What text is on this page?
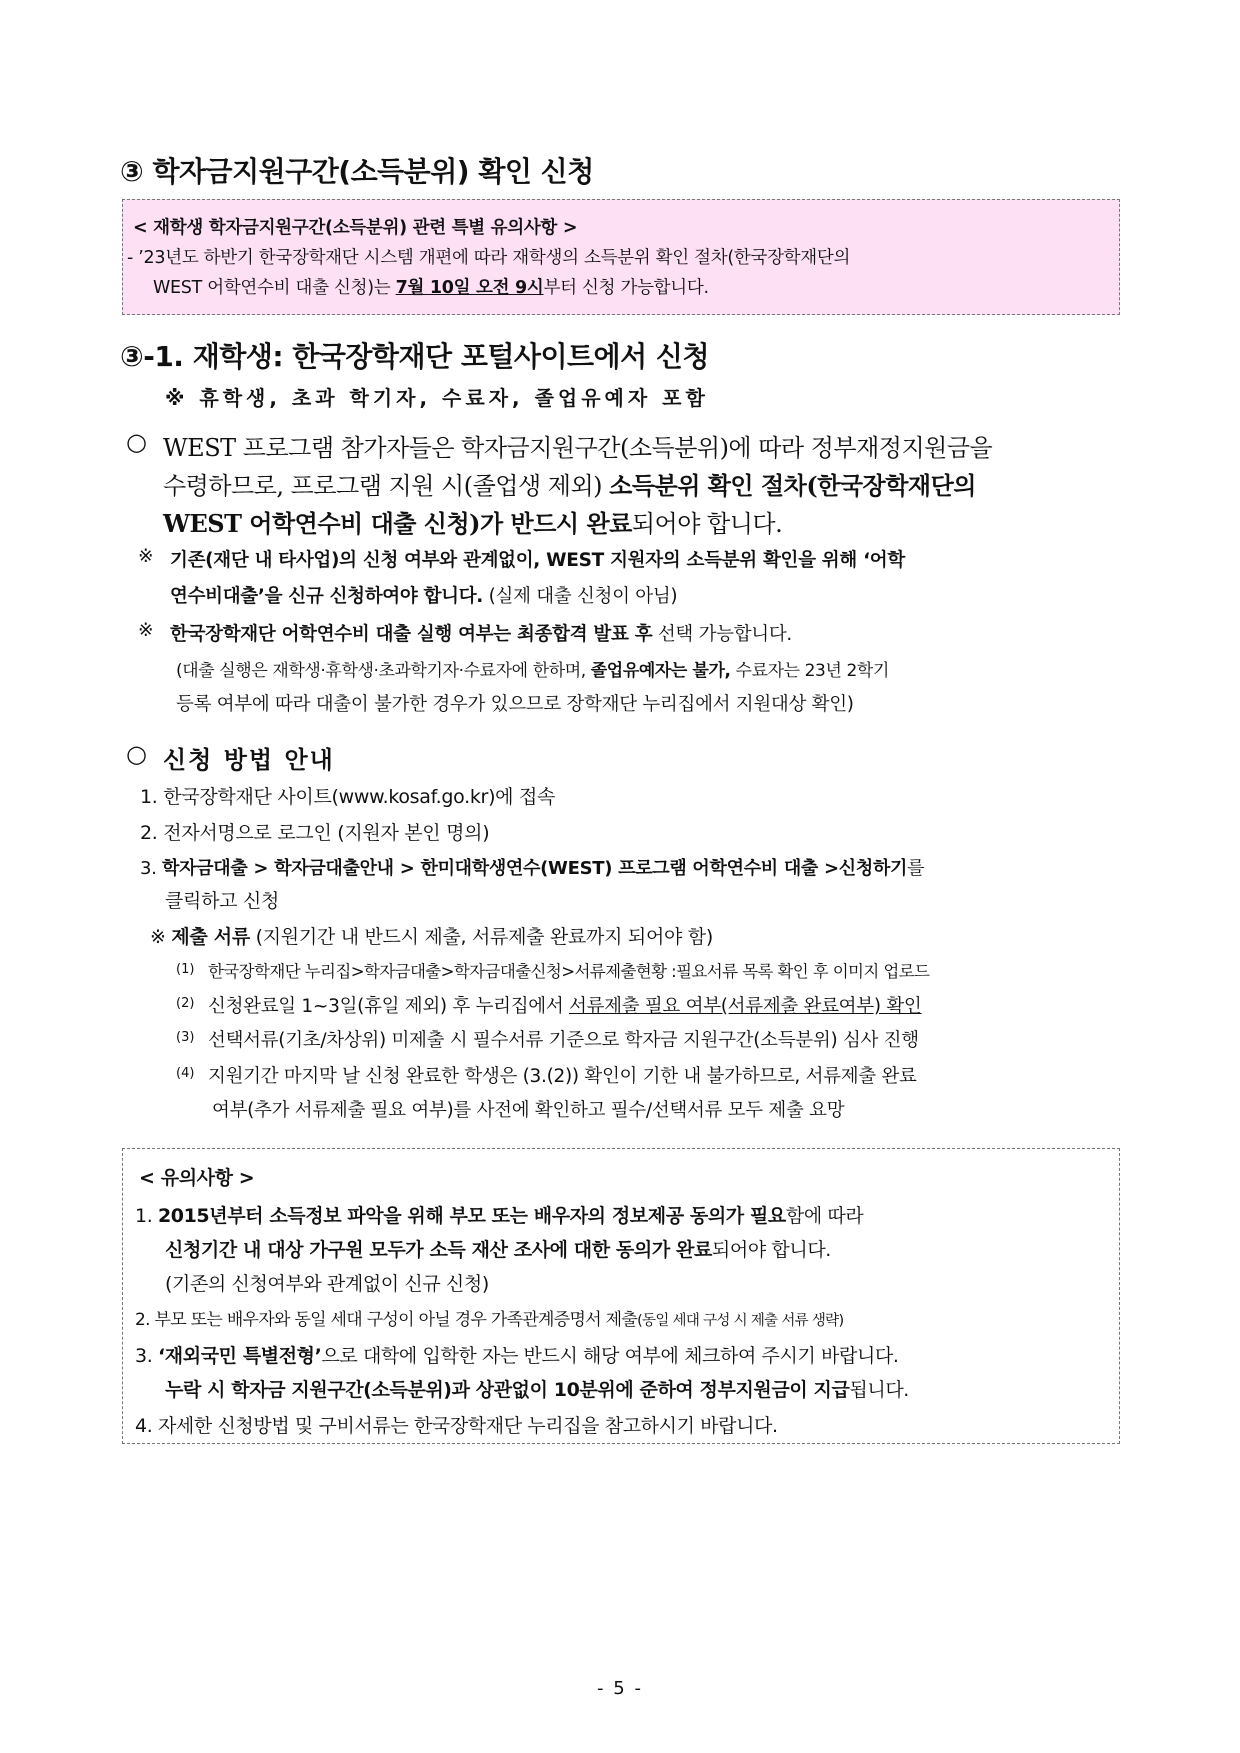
③ 학자금지원구간(소득분위) 확인 신청
< 재학생 학자금지원구간(소득분위) 관련 특별 유의사항 >
- ’23년도 하반기 한국장학재단 시스템 개편에 따라 재학생의 소득분위 확인 절차(한국장학재단의
WEST 어학연수비 대출 신청)는 7월 10일 오전 9시부터 신청 가능합니다.
③-1. 재학생: 한국장학재단 포털사이트에서 신청
※ 휴학생, 초과 학기자, 수료자, 졸업유예자 포함
○ WEST 프로그램 참가자들은 학자금지원구간(소득분위)에 따라 정부재정지원금을
수령하므로, 프로그램 지원 시(졸업생 제외) 소득분위 확인 절차(한국장학재단의
WEST 어학연수비 대출 신청)가 반드시 완료되어야 합니다.
※ 기존(재단 내 타사업)의 신청 여부와 관계없이, WEST 지원자의 소득분위 확인을 위해 ‘어학
연수비대출’을 신규 신청하여야 합니다. (실제 대출 신청이 아님)
※ 한국장학재단 어학연수비 대출 실행 여부는 최종합격 발표 후 선택 가능합니다.
(대출 실행은 재학생·휴학생·초과학기자·수료자에 한하며, 졸업유예자는 불가, 수료자는 23년 2학기
등록 여부에 따라 대출이 불가한 경우가 있으므로 장학재단 누리집에서 지원대상 확인)
○ 신청 방법 안내
1. 한국장학재단 사이트(www.kosaf.go.kr)에 접속
2. 전자서명으로 로그인 (지원자 본인 명의)
3. 학자금대출 > 학자금대출안내 > 한미대학생연수(WEST) 프로그램 어학연수비 대출 >신청하기를
클릭하고 신청
※ 제출 서류 (지원기간 내 반드시 제출, 서류제출 완료까지 되어야 함)
(1) 한국장학재단 누리집>학자금대출>학자금대출신청>서류제출현황 :필요서류 목록 확인 후 이미지 업로드
(2) 신청완료일 1~3일(휴일 제외) 후 누리집에서 서류제출 필요 여부(서류제출 완료여부) 확인
(3) 선택서류(기초/차상위) 미제출 시 필수서류 기준으로 학자금 지원구간(소득분위) 심사 진행
(4) 지원기간 마지막 날 신청 완료한 학생은 (3.(2)) 확인이 기한 내 불가하므로, 서류제출 완료
여부(추가 서류제출 필요 여부)를 사전에 확인하고 필수/선택서류 모두 제출 요망
< 유의사항 >
1. 2015년부터 소득정보 파악을 위해 부모 또는 배우자의 정보제공 동의가 필요함에 따라
신청기간 내 대상 가구원 모두가 소득 재산 조사에 대한 동의가 완료되어야 합니다.
(기존의 신청여부와 관계없이 신규 신청)
2. 부모 또는 배우자와 동일 세대 구성이 아닐 경우 가족관계증명서 제출(동일 세대 구성 시 제출 서류 생략)
3. ‘재외국민 특별전형’으로 대학에 입학한 자는 반드시 해당 여부에 체크하여 주시기 바랍니다.
누락 시 학자금 지원구간(소득분위)과 상관없이 10분위에 준하여 정부지원금이 지급됩니다.
4. 자세한 신청방법 및 구비서류는 한국장학재단 누리집을 참고하시기 바랍니다.
- 5 -
